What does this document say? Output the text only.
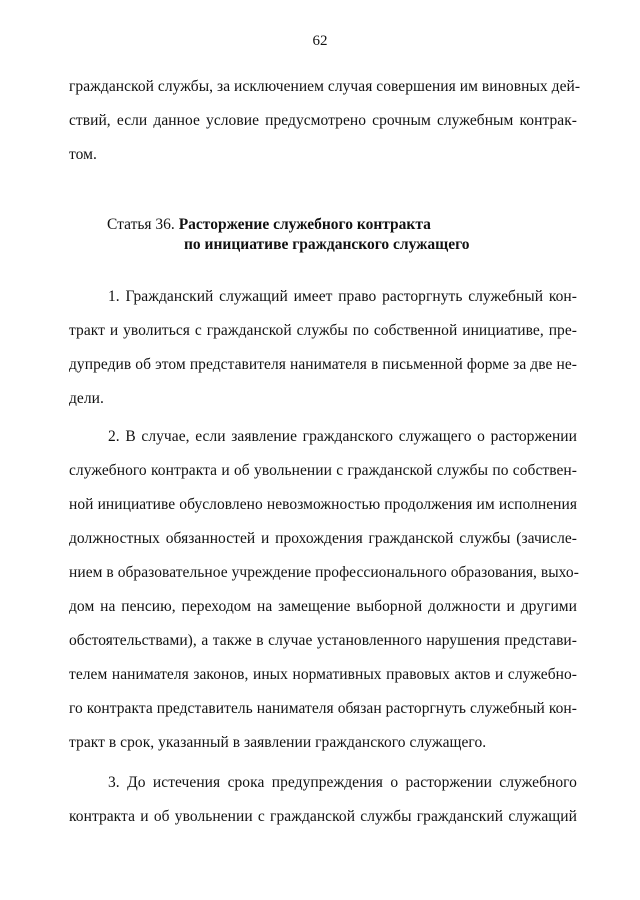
62
гражданской службы, за исключением случая совершения им виновных дей-
ствий, если данное условие предусмотрено срочным служебным контрак-
том.
Статья 36. Расторжение служебного контракта
по инициативе гражданского служащего
1. Гражданский служащий имеет право расторгнуть служебный кон-
тракт и уволиться с гражданской службы по собственной инициативе, пре-
дупредив об этом представителя нанимателя в письменной форме за две не-
дели.
2. В случае, если заявление гражданского служащего о расторжении
служебного контракта и об увольнении с гражданской службы по собствен-
ной инициативе обусловлено невозможностью продолжения им исполнения
должностных обязанностей и прохождения гражданской службы (зачисле-
нием в образовательное учреждение профессионального образования, выхо-
дом на пенсию, переходом на замещение выборной должности и другими
обстоятельствами), а также в случае установленного нарушения представи-
телем нанимателя законов, иных нормативных правовых актов и служебно-
го контракта представитель нанимателя обязан расторгнуть служебный кон-
тракт в срок, указанный в заявлении гражданского служащего.
3. До истечения срока предупреждения о расторжении служебного
контракта и об увольнении с гражданской службы гражданский служащий
